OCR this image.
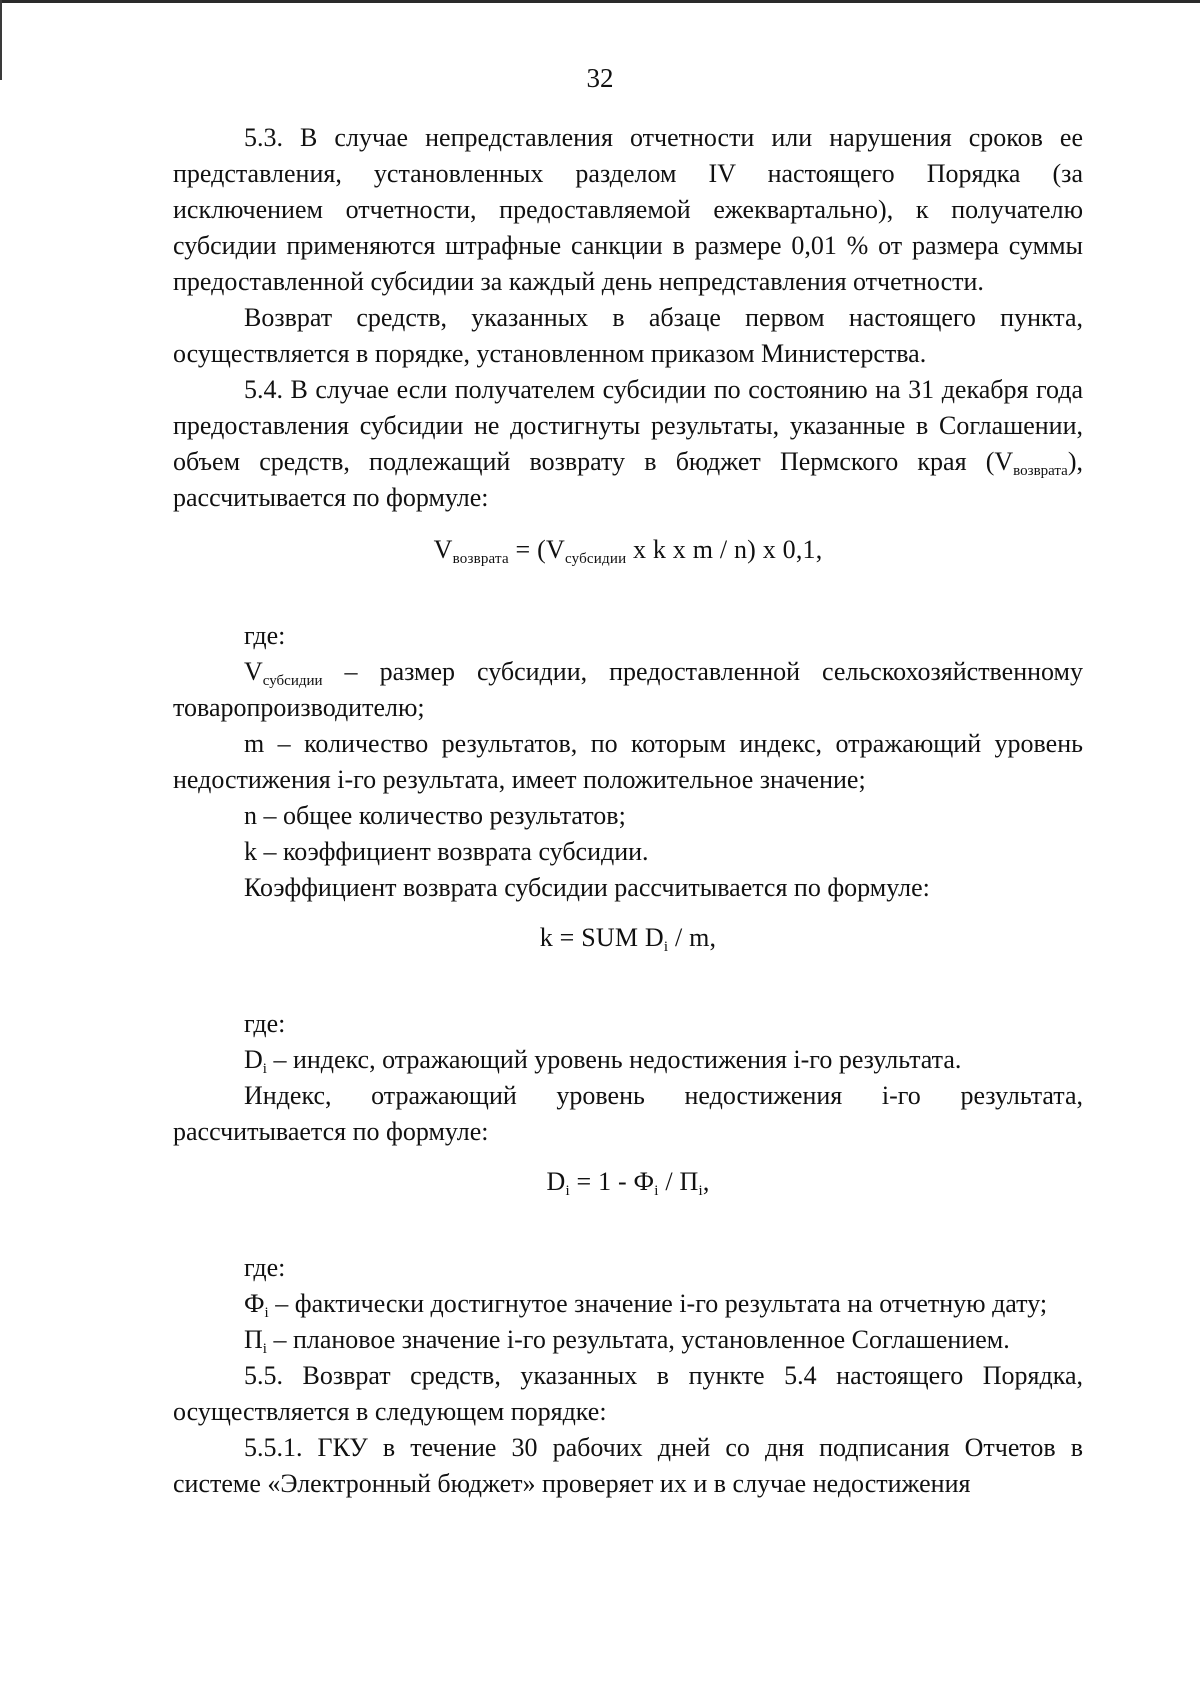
32

5.3. В случае непредставления отчетности или нарушения сроков ее представления, установленных разделом IV настоящего Порядка (за исключением отчетности, предоставляемой ежеквартально), к получателю субсидии применяются штрафные санкции в размере 0,01 % от размера суммы предоставленной субсидии за каждый день непредставления отчетности.

Возврат средств, указанных в абзаце первом настоящего пункта, осуществляется в порядке, установленном приказом Министерства.

5.4. В случае если получателем субсидии по состоянию на 31 декабря года предоставления субсидии не достигнуты результаты, указанные в Соглашении, объем средств, подлежащий возврату в бюджет Пермского края (Vвозврата), рассчитывается по формуле:

Vвозврата = (Vсубсидии х k х m / n) х 0,1,

где:

Vсубсидии – размер субсидии, предоставленной сельскохозяйственному товаропроизводителю;

m – количество результатов, по которым индекс, отражающий уровень недостижения i-го результата, имеет положительное значение;

n – общее количество результатов;

k – коэффициент возврата субсидии.

Коэффициент возврата субсидии рассчитывается по формуле:

k = SUM Di / m,

где:

Di – индекс, отражающий уровень недостижения i-го результата.

Индекс, отражающий уровень недостижения i-го результата, рассчитывается по формуле:

Di = 1 - Фi / Пi,

где:

Фi – фактически достигнутое значение i-го результата на отчетную дату;

Пi – плановое значение i-го результата, установленное Соглашением.

5.5. Возврат средств, указанных в пункте 5.4 настоящего Порядка, осуществляется в следующем порядке:

5.5.1. ГКУ в течение 30 рабочих дней со дня подписания Отчетов в системе «Электронный бюджет» проверяет их и в случае недостижения
